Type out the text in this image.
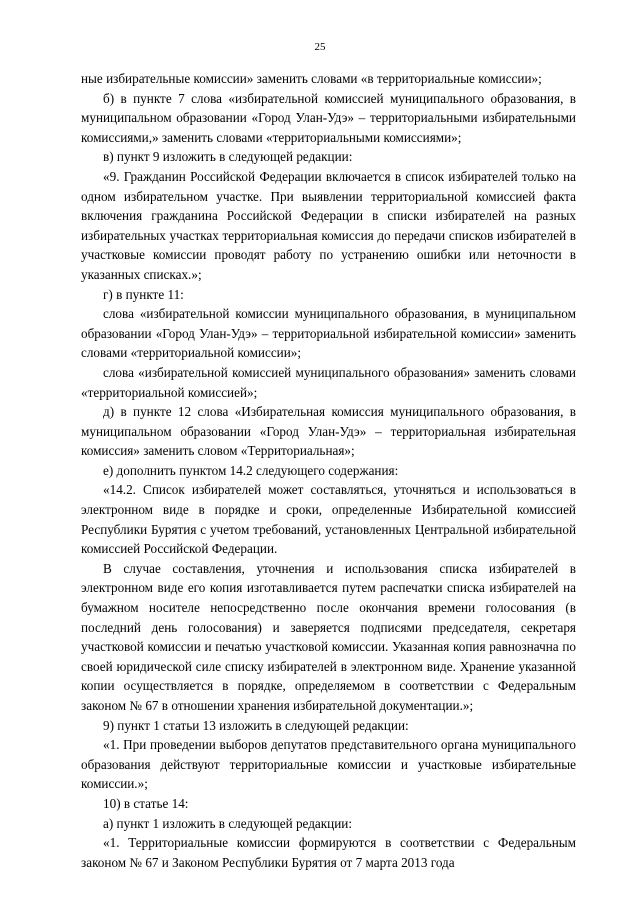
25

ные избирательные комиссии» заменить словами «в территориальные комиссии»;

б) в пункте 7 слова «избирательной комиссией муниципального образования, в муниципальном образовании «Город Улан-Удэ» – территориальными избирательными комиссиями,» заменить словами «территориальными комиссиями»;

в) пункт 9 изложить в следующей редакции:

«9. Гражданин Российской Федерации включается в список избирателей только на одном избирательном участке. При выявлении территориальной комиссией факта включения гражданина Российской Федерации в списки избирателей на разных избирательных участках территориальная комиссия до передачи списков избирателей в участковые комиссии проводят работу по устранению ошибки или неточности в указанных списках.»;

г) в пункте 11:

слова «избирательной комиссии муниципального образования, в муниципальном образовании «Город Улан-Удэ» – территориальной избирательной комиссии» заменить словами «территориальной комиссии»;

слова «избирательной комиссией муниципального образования» заменить словами «территориальной комиссией»;

д) в пункте 12 слова «Избирательная комиссия муниципального образования, в муниципальном образовании «Город Улан-Удэ» – территориальная избирательная комиссия» заменить словом «Территориальная»;

е) дополнить пунктом 14.2 следующего содержания:

«14.2. Список избирателей может составляться, уточняться и использоваться в электронном виде в порядке и сроки, определенные Избирательной комиссией Республики Бурятия с учетом требований, установленных Центральной избирательной комиссией Российской Федерации.

В случае составления, уточнения и использования списка избирателей в электронном виде его копия изготавливается путем распечатки списка избирателей на бумажном носителе непосредственно после окончания времени голосования (в последний день голосования) и заверяется подписями председателя, секретаря участковой комиссии и печатью участковой комиссии. Указанная копия равнозначна по своей юридической силе списку избирателей в электронном виде. Хранение указанной копии осуществляется в порядке, определяемом в соответствии с Федеральным законом № 67 в отношении хранения избирательной документации.»;

9) пункт 1 статьи 13 изложить в следующей редакции:

«1. При проведении выборов депутатов представительного органа муниципального образования действуют территориальные комиссии и участковые избирательные комиссии.»;

10) в статье 14:

а) пункт 1 изложить в следующей редакции:

«1. Территориальные комиссии формируются в соответствии с Федеральным законом № 67 и Законом Республики Бурятия от 7 марта 2013 года
